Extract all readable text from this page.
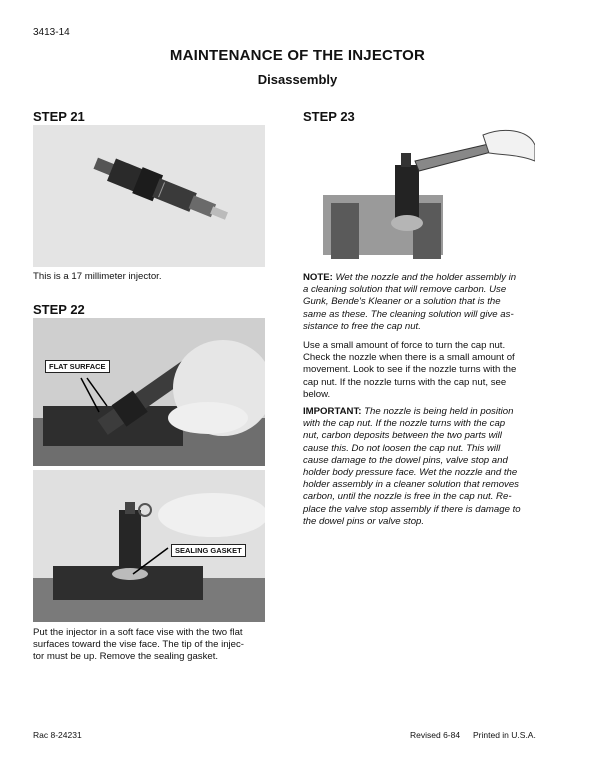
3413-14
MAINTENANCE OF THE INJECTOR
Disassembly
STEP 21
This is a 17 millimeter injector.
STEP 22
FLAT SURFACE
SEALING GASKET
Put the injector in a soft face vise with the two flat
surfaces toward the vise face. The tip of the injec-
tor must be up. Remove the sealing gasket.
STEP 23
NOTE: Wet the nozzle and the holder assembly in
a cleaning solution that will remove carbon. Use
Gunk, Bende's Kleaner or a solution that is the
same as these. The cleaning solution will give as-
sistance to free the cap nut.
Use a small amount of force to turn the cap nut.
Check the nozzle when there is a small amount of
movement. Look to see if the nozzle turns with the
cap nut. If the nozzle turns with the cap nut, see
below.
IMPORTANT: The nozzle is being held in position
with the cap nut. If the nozzle turns with the cap
nut, carbon deposits between the two parts will
cause this. Do not loosen the cap nut. This will
cause damage to the dowel pins, valve stop and
holder body pressure face. Wet the nozzle and the
holder assembly in a cleaner solution that removes
carbon, until the nozzle is free in the cap nut. Re-
place the valve stop assembly if there is damage to
the dowel pins or valve stop.
Rac 8-24231	Revised 6-84 Printed in U.S.A.
